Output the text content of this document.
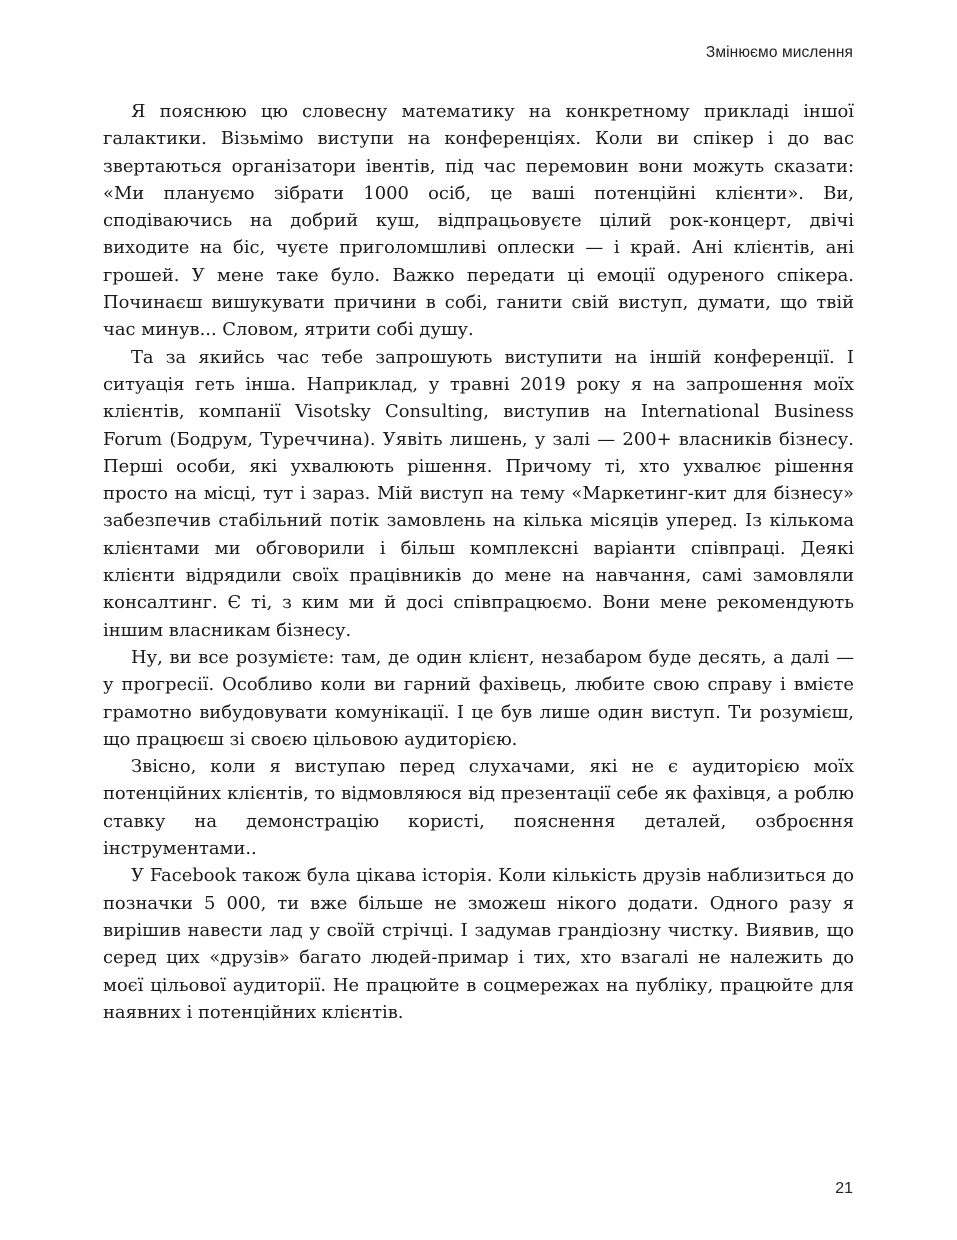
Змінюємо мислення

Я пояснюю цю словесну математику на конкретному прикладі іншої галактики. Візьмімо виступи на конференціях. Коли ви спікер і до вас звертаються організатори івентів, під час перемовин вони можуть сказати: «Ми плануємо зібрати 1000 осіб, це ваші потенційні клієнти». Ви, сподіваючись на добрий куш, відпрацьовуєте цілий рок-концерт, двічі виходите на біс, чуєте приголомшливі оплески — і край. Ані клієнтів, ані грошей. У мене таке було. Важко передати ці емоції одуреного спікера. Починаєш вишукувати причини в собі, ганити свій виступ, думати, що твій час минув... Словом, ятрити собі душу.

Та за якийсь час тебе запрошують виступити на іншій конференції. І ситуація геть інша. Наприклад, у травні 2019 року я на запрошення моїх клієнтів, компанії Visotsky Consulting, виступив на International Business Forum (Бодрум, Туреччина). Уявіть лишень, у залі — 200+ власників бізнесу. Перші особи, які ухвалюють рішення. Причому ті, хто ухвалює рішення просто на місці, тут і зараз. Мій виступ на тему «Маркетинг-кит для бізнесу» забезпечив стабільний потік замовлень на кілька місяців уперед. Із кількома клієнтами ми обговорили і більш комплексні варіанти співпраці. Деякі клієнти відрядили своїх працівників до мене на навчання, самі замовляли консалтинг. Є ті, з ким ми й досі співпрацюємо. Вони мене рекомендують іншим власникам бізнесу.

Ну, ви все розумієте: там, де один клієнт, незабаром буде десять, а далі — у прогресії. Особливо коли ви гарний фахівець, любите свою справу і вмієте грамотно вибудовувати комунікації. І це був лише один виступ. Ти розумієш, що працюєш зі своєю цільовою аудиторією.

Звісно, коли я виступаю перед слухачами, які не є аудиторією моїх потенційних клієнтів, то відмовляюся від презентації себе як фахівця, а роблю ставку на демонстрацію користі, пояснення деталей, озброєння інструментами..

У Facebook також була цікава історія. Коли кількість друзів наблизиться до позначки 5 000, ти вже більше не зможеш нікого додати. Одного разу я вирішив навести лад у своїй стрічці. І задумав грандіозну чистку. Виявив, що серед цих «друзів» багато людей-примар і тих, хто взагалі не належить до моєї цільової аудиторії. Не працюйте в соцмережах на публіку, працюйте для наявних і потенційних клієнтів.

21
